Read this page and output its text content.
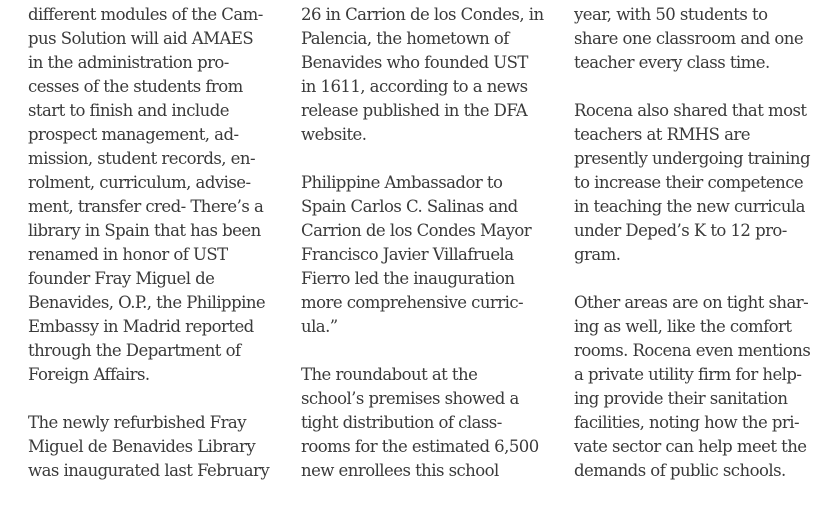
different modules of the Cam-
pus Solution will aid AMAES
in the administration pro-
cesses of the students from
start to finish and include
prospect management, ad-
mission, student records, en-
rolment, curriculum, advise-
ment, transfer cred- There’s a
library in Spain that has been
renamed in honor of UST
founder Fray Miguel de
Benavides, O.P., the Philippine
Embassy in Madrid reported
through the Department of
Foreign Affairs.
The newly refurbished Fray
Miguel de Benavides Library
was inaugurated last February
26 in Carrion de los Condes, in
Palencia, the hometown of
Benavides who founded UST
in 1611, according to a news
release published in the DFA
website.
Philippine Ambassador to
Spain Carlos C. Salinas and
Carrion de los Condes Mayor
Francisco Javier Villafruela
Fierro led the inauguration
more comprehensive curric-
ula.”
The roundabout at the
school’s premises showed a
tight distribution of class-
rooms for the estimated 6,500
new enrollees this school
year, with 50 students to
share one classroom and one
teacher every class time.
Rocena also shared that most
teachers at RMHS are
presently undergoing training
to increase their competence
in teaching the new curricula
under Deped’s K to 12 pro-
gram.
Other areas are on tight shar-
ing as well, like the comfort
rooms. Rocena even mentions
a private utility firm for help-
ing provide their sanitation
facilities, noting how the pri-
vate sector can help meet the
demands of public schools.
